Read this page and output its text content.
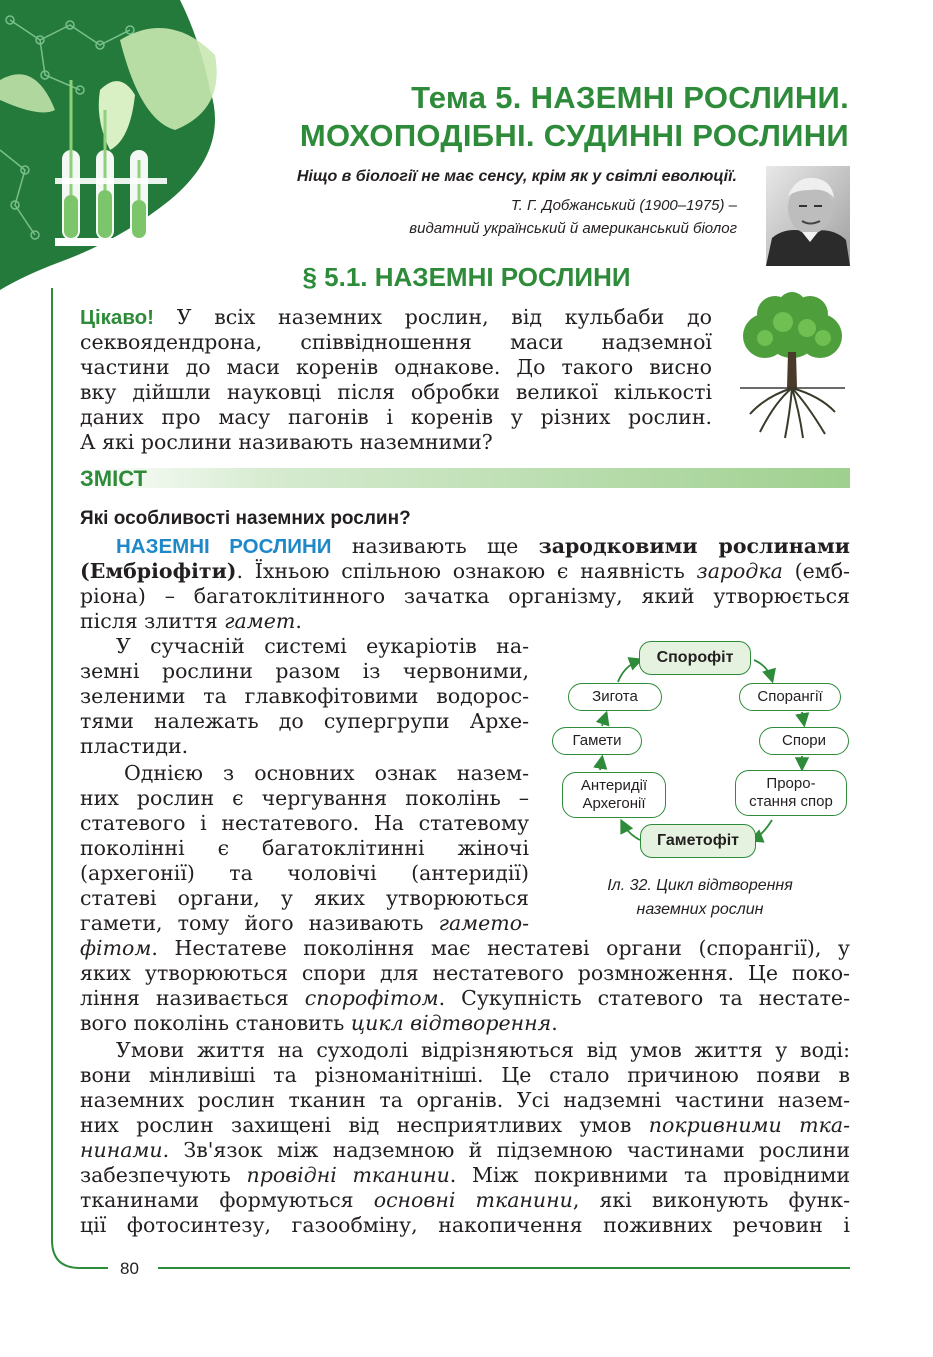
Тема 5. НАЗЕМНІ РОСЛИНИ.
МОХОПОДІБНІ. СУДИННІ РОСЛИНИ
Ніщо в біології не має сенсу, крім як у світлі еволюції.
Т. Г. Добжанський (1900–1975) –
видатний український й американський біолог
§ 5.1. НАЗЕМНІ РОСЛИНИ
Цікаво! У всіх наземних рослин, від кульбаби до
секвоядендрона, співвідношення маси надземної
частини до маси коренів однакове. До такого висно
вку дійшли науковці після обробки великої кількості
даних про масу пагонів і коренів у різних рослин.
А які рослини називають наземними?
ЗМІСТ
Які особливості наземних рослин?
НАЗЕМНІ РОСЛИНИ називають ще зародковими рослинами
(Ембріофіти). Їхньою спільною ознакою є наявність зародка (емб-
ріона) – багатоклітинного зачатка організму, який утворюється
після злиття гамет.
У сучасній системі еукаріотів на-
земні рослини разом із червоними,
зеленими та главкофітовими водорос-
тями належать до супергрупи Архе-
пластиди.
Однією з основних ознак назем-
них рослин є чергування поколінь –
статевого і нестатевого. На статевому
поколінні є багатоклітинні жіночі
(архегонії) та чоловічі (антеридії)
статеві органи, у яких утворюються
гамети, тому його називають гамето-
фітом. Нестатеве покоління має нестатеві органи (спорангії), у
яких утворюються спори для нестатевого розмноження. Це поко-
ління називається спорофітом. Сукупність статевого та нестате-
вого поколінь становить цикл відтворення.
Умови життя на суходолі відрізняються від умов життя у воді:
вони мінливіші та різноманітніші. Це стало причиною появи в
наземних рослин тканин та органів. Усі надземні частини назем-
них рослин захищені від несприятливих умов покривними тка-
нинами. Зв'язок між надземною й підземною частинами рослини
забезпечують провідні тканини. Між покривними та провідними
тканинами формуються основні тканини, які виконують функ-
ції фотосинтезу, газообміну, накопичення поживних речовин і
Спорофіт
Спорангії
Спори
Проро-
стання спор
Гаметофіт
Антеридії
Архегонії
Гамети
Зигота
Іл. 32. Цикл відтворення
наземних рослин
80
